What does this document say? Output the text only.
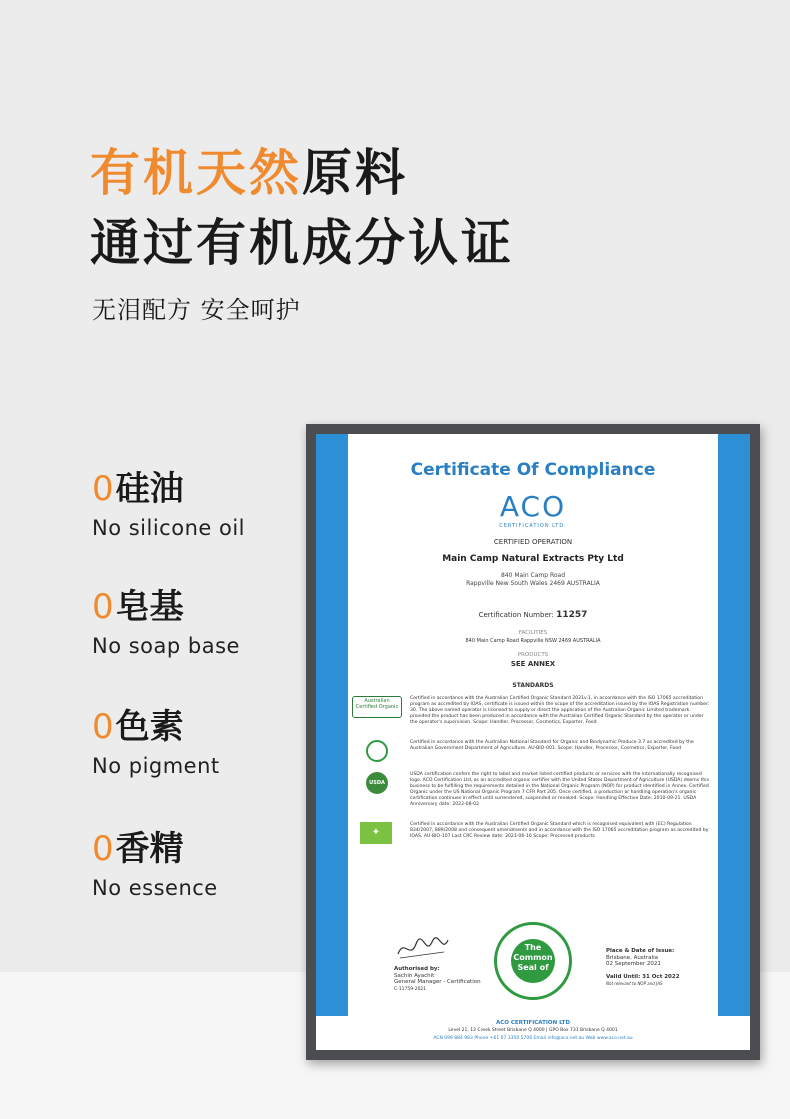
有机天然原料
通过有机成分认证
无泪配方 安全呵护
0硅油
No silicone oil
0皂基
No soap base
0色素
No pigment
0香精
No essence
Certificate Of Compliance
ACO
CERTIFICATION LTD.
CERTIFIED OPERATION
Main Camp Natural Extracts Pty Ltd
840 Main Camp Road
Rappville New South Wales 2469 AUSTRALIA
Certification Number: 11257
FACILITIES
840 Main Camp Road Rappville NSW 2469 AUSTRALIA
PRODUCTS
SEE ANNEX
STANDARDS
Australian Certified Organic
Certified in accordance with the Australian Certified Organic Standard 2021v.1, in accordance with the ISO 17065 accreditation program as accredited by IOAS, certificate is issued within the scope of the accreditation issued by the IOAS Registration number: 30. The above named operator is licensed to supply or direct the application of the Australian Organic Limited trademark provided the product has been produced in accordance with the Australian Certified Organic Standard by the operator or under the operator's supervision. Scope: Handler, Processor, Cosmetics, Exporter, Food
Certified in accordance with the Australian National Standard for Organic and Biodynamic Produce 3.7 as accredited by the Australian Government Department of Agriculture. AU-BIO-001. Scope: Handler, Processor, Cosmetics, Exporter, Food
USDA
USDA certification confers the right to label and market listed certified products or services with the internationally recognised logo. ACO Certification Ltd, as an accredited organic certifier with the United States Department of Agriculture (USDA) deems this business to be fulfilling the requirements detailed in the National Organic Program (NOP) for product identified in Annex. Certified Organic under the US National Organic Program 7 CFR Part 205. Once certified, a production or handling operation's organic certification continues in effect until surrendered, suspended or revoked. Scope: Handling Effective Date: 2010-09-21. USDA Anniversary date: 2022-08-02
✦
Certified in accordance with the Australian Certified Organic Standard which is recognised equivalent with (EC) Regulation 834/2007, 889/2008 and consequent amendments and in accordance with the ISO 17065 accreditation program as accredited by IOAS. AU-BIO-107 Last CRC Review date: 2021-06-16 Scope: Processed products
Authorised by:
Sachin Ayachit
General Manager - Certification
C-11759-2021
The Common Seal of
Place & Date of Issue:
Brisbane, Australia
02 September 2021

Valid Until: 31 Oct 2022
Not relevant to NOP and JAS
ACO CERTIFICATION LTD
Level 21, 12 Creek Street Brisbane Q 4000 | GPO Box 731 Brisbane Q 4001
ACN 099 884 983 Phone +61 07 3350 5706 Email info@aco.net.au Web www.aco.net.au
